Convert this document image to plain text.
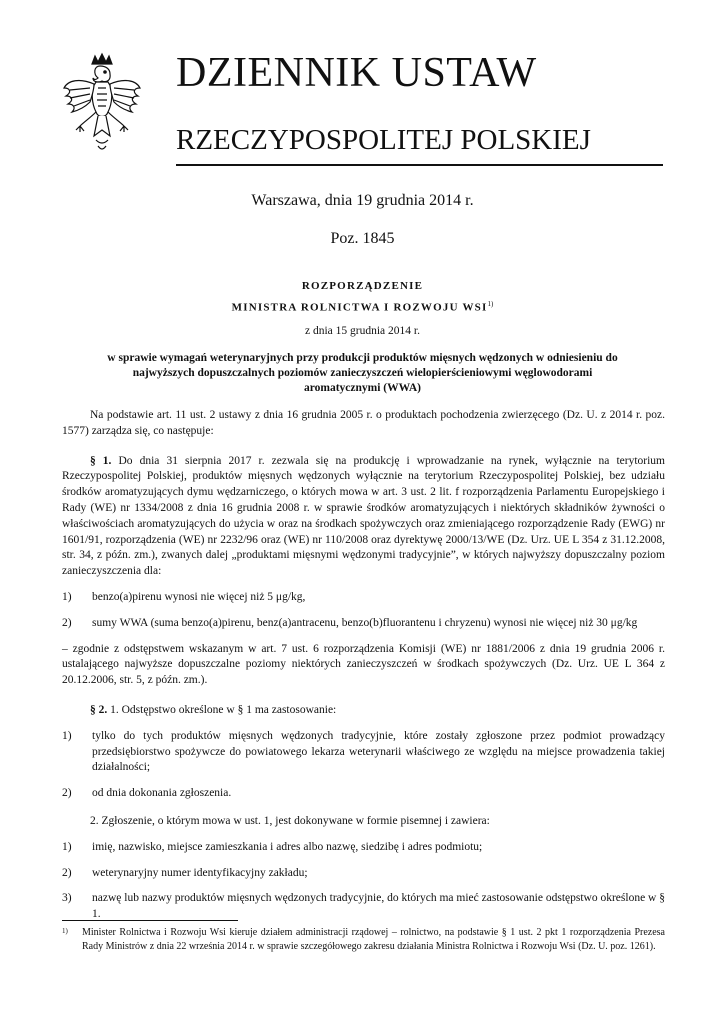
DZIENNIK USTAW
RZECZYPOSPOLITEJ POLSKIEJ
Warszawa, dnia 19 grudnia 2014 r.
Poz. 1845
ROZPORZĄDZENIE
MINISTRA ROLNICTWA I ROZWOJU WSI$^{1)}$
z dnia 15 grudnia 2014 r.
w sprawie wymagań weterynaryjnych przy produkcji produktów mięsnych wędzonych w odniesieniu do najwyższych dopuszczalnych poziomów zanieczyszczeń wielopierścieniowymi węglowodorami aromatycznymi (WWA)

Na podstawie art. 11 ust. 2 ustawy z dnia 16 grudnia 2005 r. o produktach pochodzenia zwierzęcego (Dz. U. z 2014 r. poz. 1577) zarządza się, co następuje:

§ 1. Do dnia 31 sierpnia 2017 r. zezwala się na produkcję i wprowadzanie na rynek, wyłącznie na terytorium Rzeczypospolitej Polskiej, produktów mięsnych wędzonych wyłącznie na terytorium Rzeczypospolitej Polskiej, bez udziału środków aromatyzujących dymu wędzarniczego, o których mowa w art. 3 ust. 2 lit. f rozporządzenia Parlamentu Europejskiego i Rady (WE) nr 1334/2008 z dnia 16 grudnia 2008 r. w sprawie środków aromatyzujących i niektórych składników żywności o właściwościach aromatyzujących do użycia w oraz na środkach spożywczych oraz zmieniającego rozporządzenie Rady (EWG) nr 1601/91, rozporządzenia (WE) nr 2232/96 oraz (WE) nr 110/2008 oraz dyrektywę 2000/13/WE (Dz. Urz. UE L 354 z 31.12.2008, str. 34, z późn. zm.), zwanych dalej „produktami mięsnymi wędzonymi tradycyjnie”, w których najwyższy dopuszczalny poziom zanieczyszczenia dla:

1) benzo(a)pirenu wynosi nie więcej niż 5 μg/kg,

2) sumy WWA (suma benzo(a)pirenu, benz(a)antracenu, benzo(b)fluorantenu i chryzenu) wynosi nie więcej niż 30 μg/kg

– zgodnie z odstępstwem wskazanym w art. 7 ust. 6 rozporządzenia Komisji (WE) nr 1881/2006 z dnia 19 grudnia 2006 r. ustalającego najwyższe dopuszczalne poziomy niektórych zanieczyszczeń w środkach spożywczych (Dz. Urz. UE L 364 z 20.12.2006, str. 5, z późn. zm.).

§ 2. 1. Odstępstwo określone w § 1 ma zastosowanie:

1) tylko do tych produktów mięsnych wędzonych tradycyjnie, które zostały zgłoszone przez podmiot prowadzący przedsiębiorstwo spożywcze do powiatowego lekarza weterynarii właściwego ze względu na miejsce prowadzenia takiej działalności;

2) od dnia dokonania zgłoszenia.

2. Zgłoszenie, o którym mowa w ust. 1, jest dokonywane w formie pisemnej i zawiera:

1) imię, nazwisko, miejsce zamieszkania i adres albo nazwę, siedzibę i adres podmiotu;

2) weterynaryjny numer identyfikacyjny zakładu;

3) nazwę lub nazwy produktów mięsnych wędzonych tradycyjnie, do których ma mieć zastosowanie odstępstwo określone w § 1.

1)	Minister Rolnictwa i Rozwoju Wsi kieruje działem administracji rządowej – rolnictwo, na podstawie § 1 ust. 2 pkt 1 rozporządzenia Prezesa Rady Ministrów z dnia 22 września 2014 r. w sprawie szczegółowego zakresu działania Ministra Rolnictwa i Rozwoju Wsi (Dz. U. poz. 1261).
